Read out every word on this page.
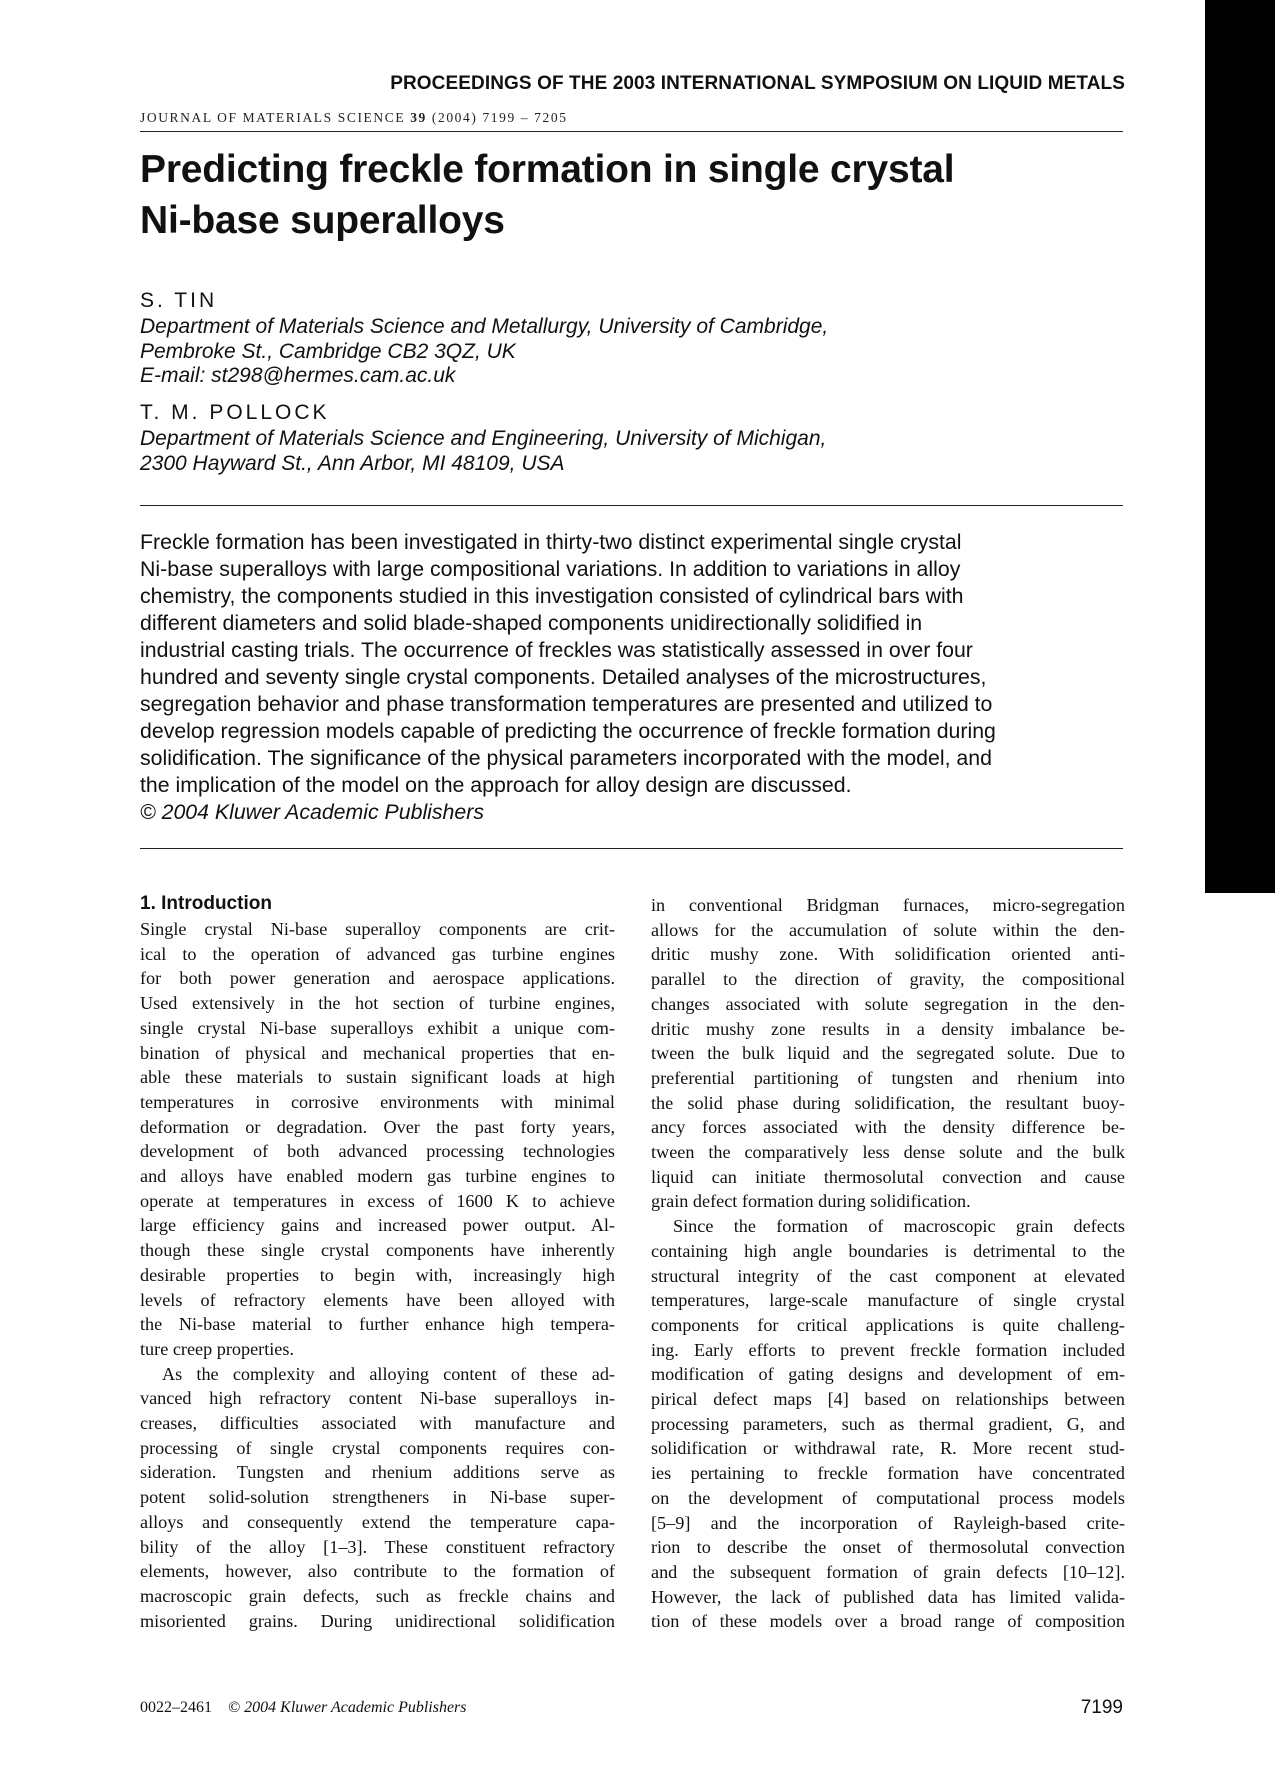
PROCEEDINGS OF THE 2003 INTERNATIONAL SYMPOSIUM ON LIQUID METALS
JOURNAL OF MATERIALS SCIENCE 39 (2004) 7199 – 7205
Predicting freckle formation in single crystal
Ni-base superalloys
S. TIN
Department of Materials Science and Metallurgy, University of Cambridge,
Pembroke St., Cambridge CB2 3QZ, UK
E-mail: st298@hermes.cam.ac.uk
T. M. POLLOCK
Department of Materials Science and Engineering, University of Michigan,
2300 Hayward St., Ann Arbor, MI 48109, USA
Freckle formation has been investigated in thirty-two distinct experimental single crystal
Ni-base superalloys with large compositional variations. In addition to variations in alloy
chemistry, the components studied in this investigation consisted of cylindrical bars with
different diameters and solid blade-shaped components unidirectionally solidified in
industrial casting trials. The occurrence of freckles was statistically assessed in over four
hundred and seventy single crystal components. Detailed analyses of the microstructures,
segregation behavior and phase transformation temperatures are presented and utilized to
develop regression models capable of predicting the occurrence of freckle formation during
solidification. The significance of the physical parameters incorporated with the model, and
the implication of the model on the approach for alloy design are discussed.
© 2004 Kluwer Academic Publishers
1. Introduction
Single crystal Ni-base superalloy components are crit-
ical to the operation of advanced gas turbine engines
for both power generation and aerospace applications.
Used extensively in the hot section of turbine engines,
single crystal Ni-base superalloys exhibit a unique com-
bination of physical and mechanical properties that en-
able these materials to sustain significant loads at high
temperatures in corrosive environments with minimal
deformation or degradation. Over the past forty years,
development of both advanced processing technologies
and alloys have enabled modern gas turbine engines to
operate at temperatures in excess of 1600 K to achieve
large efficiency gains and increased power output. Al-
though these single crystal components have inherently
desirable properties to begin with, increasingly high
levels of refractory elements have been alloyed with
the Ni-base material to further enhance high tempera-
ture creep properties.
As the complexity and alloying content of these ad-
vanced high refractory content Ni-base superalloys in-
creases, difficulties associated with manufacture and
processing of single crystal components requires con-
sideration. Tungsten and rhenium additions serve as
potent solid-solution strengtheners in Ni-base super-
alloys and consequently extend the temperature capa-
bility of the alloy [1–3]. These constituent refractory
elements, however, also contribute to the formation of
macroscopic grain defects, such as freckle chains and
misoriented grains. During unidirectional solidification
in conventional Bridgman furnaces, micro-segregation
allows for the accumulation of solute within the den-
dritic mushy zone. With solidification oriented anti-
parallel to the direction of gravity, the compositional
changes associated with solute segregation in the den-
dritic mushy zone results in a density imbalance be-
tween the bulk liquid and the segregated solute. Due to
preferential partitioning of tungsten and rhenium into
the solid phase during solidification, the resultant buoy-
ancy forces associated with the density difference be-
tween the comparatively less dense solute and the bulk
liquid can initiate thermosolutal convection and cause
grain defect formation during solidification.
Since the formation of macroscopic grain defects
containing high angle boundaries is detrimental to the
structural integrity of the cast component at elevated
temperatures, large-scale manufacture of single crystal
components for critical applications is quite challeng-
ing. Early efforts to prevent freckle formation included
modification of gating designs and development of em-
pirical defect maps [4] based on relationships between
processing parameters, such as thermal gradient, G, and
solidification or withdrawal rate, R. More recent stud-
ies pertaining to freckle formation have concentrated
on the development of computational process models
[5–9] and the incorporation of Rayleigh-based crite-
rion to describe the onset of thermosolutal convection
and the subsequent formation of grain defects [10–12].
However, the lack of published data has limited valida-
tion of these models over a broad range of composition
0022–2461 © 2004 Kluwer Academic Publishers	7199
